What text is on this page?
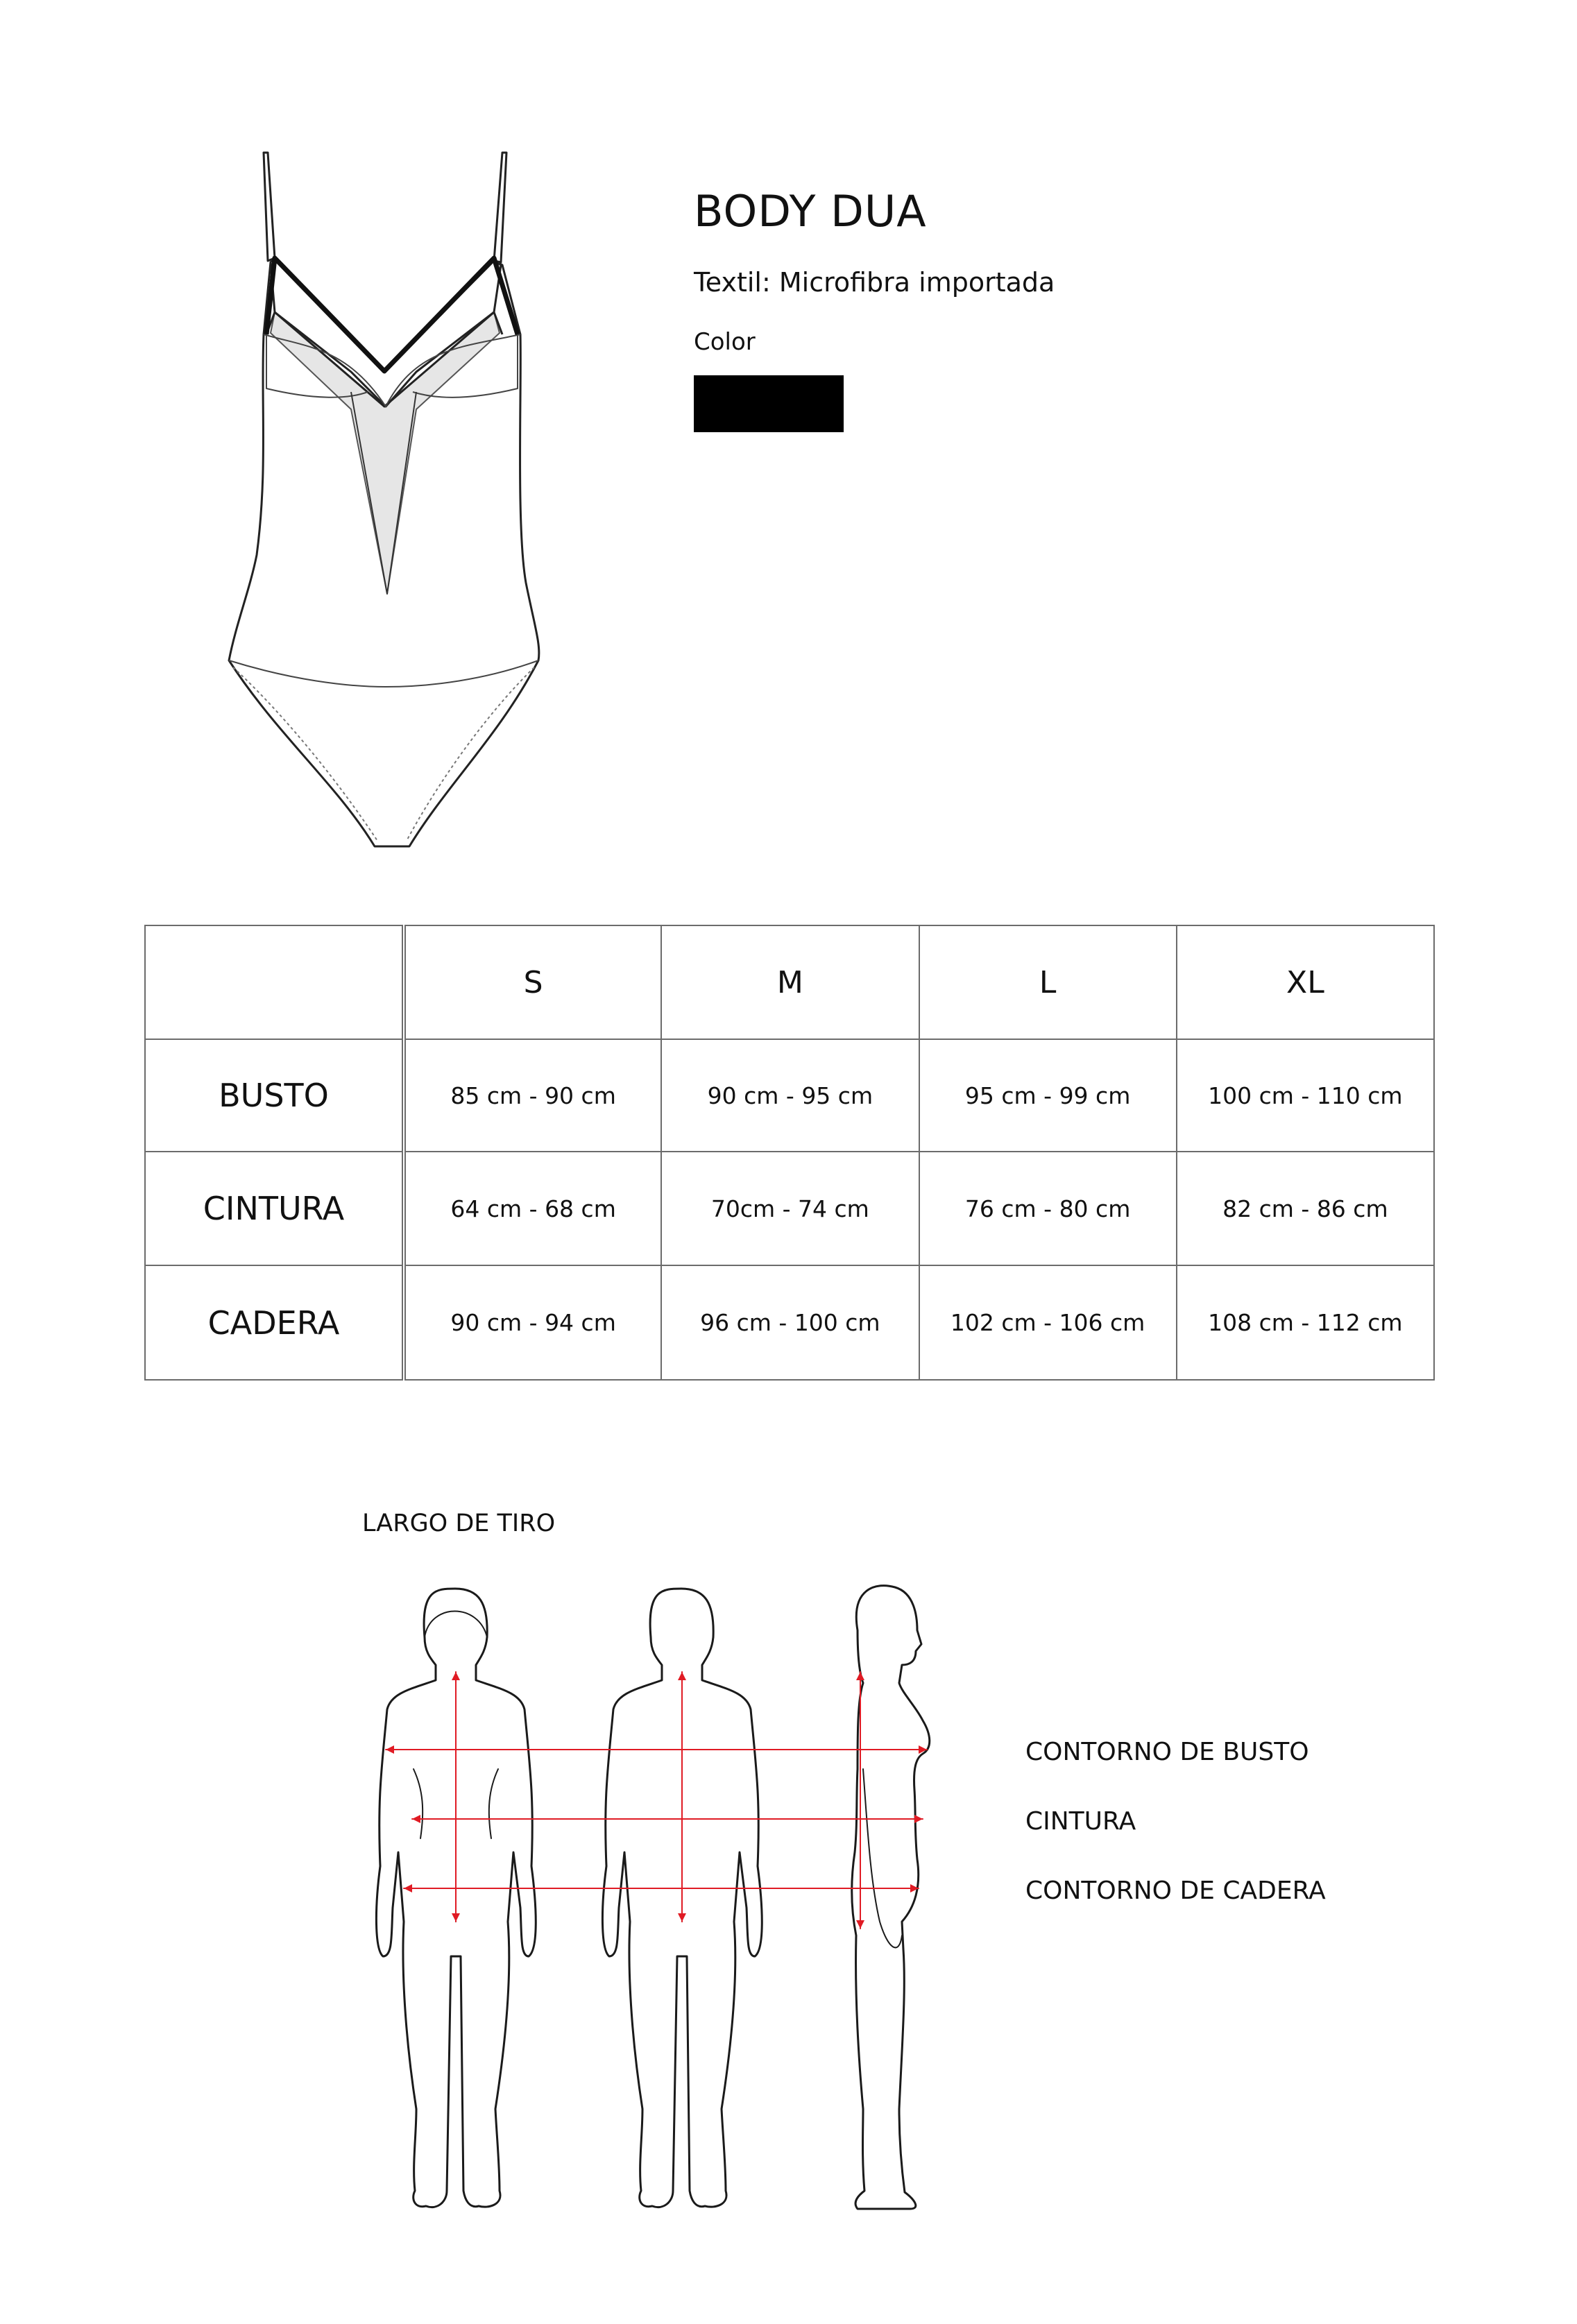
BODY DUA
Textil: Microfibra importada
Color
	S	M	L	XL
BUSTO	85 cm - 90 cm	90 cm - 95 cm	95 cm - 99 cm	100 cm - 110 cm
CINTURA	64 cm - 68 cm	70cm - 74 cm	76 cm - 80 cm	82 cm - 86 cm
CADERA	90 cm - 94 cm	96 cm - 100 cm	102 cm - 106 cm	108 cm - 112 cm
LARGO DE TIRO
CONTORNO DE BUSTO
CINTURA
CONTORNO DE CADERA
